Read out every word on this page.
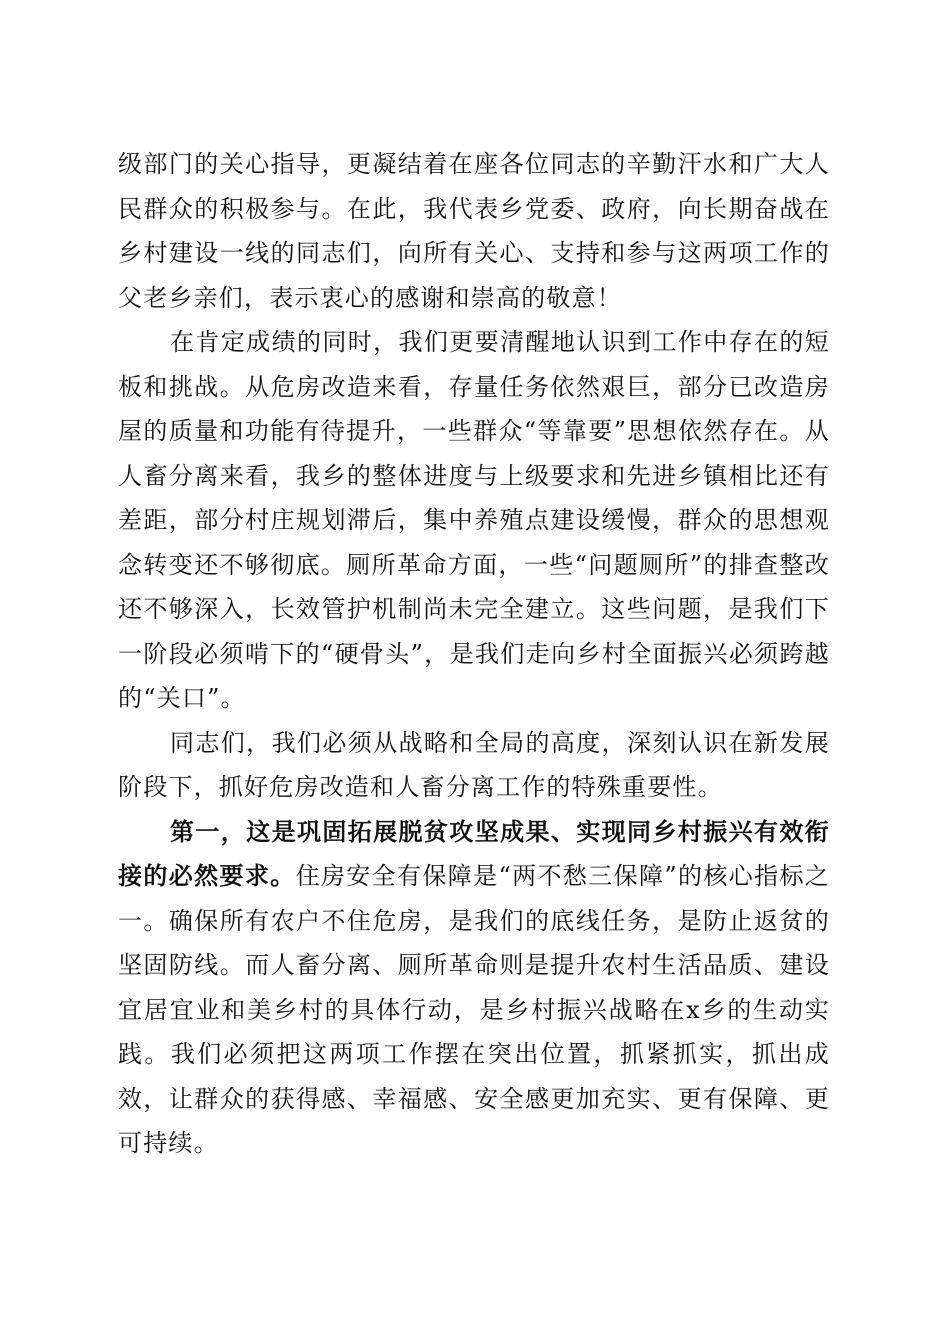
级部门的关心指导，更凝结着在座各位同志的辛勤汗水和广大人民群众的积极参与。在此，我代表乡党委、政府，向长期奋战在乡村建设一线的同志们，向所有关心、支持和参与这两项工作的父老乡亲们，表示衷心的感谢和崇高的敬意！

在肯定成绩的同时，我们更要清醒地认识到工作中存在的短板和挑战。从危房改造来看，存量任务依然艰巨，部分已改造房屋的质量和功能有待提升，一些群众“等靠要”思想依然存在。从人畜分离来看，我乡的整体进度与上级要求和先进乡镇相比还有差距，部分村庄规划滞后，集中养殖点建设缓慢，群众的思想观念转变还不够彻底。厕所革命方面，一些“问题厕所”的排查整改还不够深入，长效管护机制尚未完全建立。这些问题，是我们下一阶段必须啃下的“硬骨头”，是我们走向乡村全面振兴必须跨越的“关口”。

同志们，我们必须从战略和全局的高度，深刻认识在新发展阶段下，抓好危房改造和人畜分离工作的特殊重要性。

第一，这是巩固拓展脱贫攻坚成果、实现同乡村振兴有效衔接的必然要求。住房安全有保障是“两不愁三保障”的核心指标之一。确保所有农户不住危房，是我们的底线任务，是防止返贫的坚固防线。而人畜分离、厕所革命则是提升农村生活品质、建设宜居宜业和美乡村的具体行动，是乡村振兴战略在x乡的生动实践。我们必须把这两项工作摆在突出位置，抓紧抓实，抓出成效，让群众的获得感、幸福感、安全感更加充实、更有保障、更可持续。
